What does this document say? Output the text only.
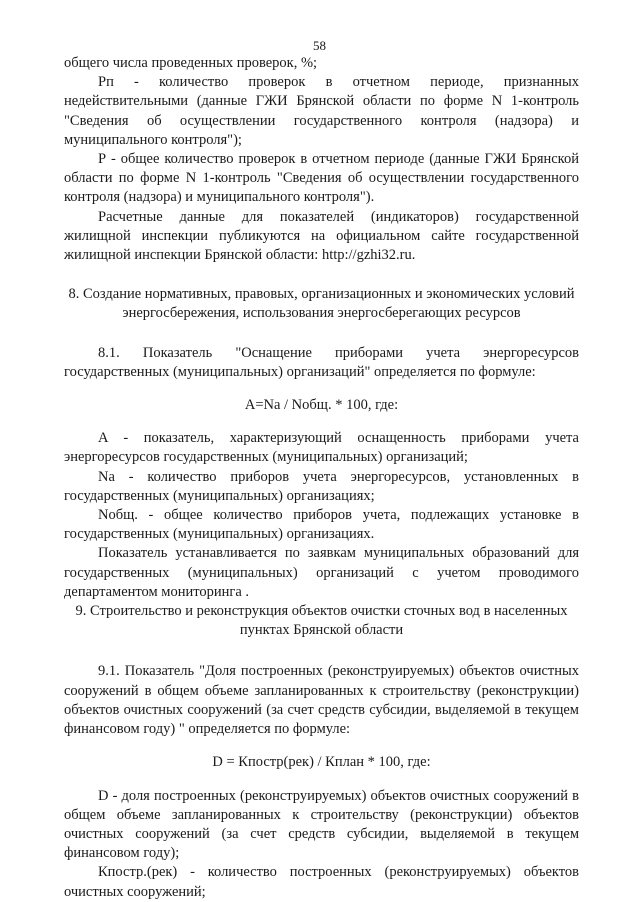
58

общего числа проведенных проверок, %;

Рп - количество проверок в отчетном периоде, признанных недействительными (данные ГЖИ Брянской области по форме N 1-контроль "Сведения об осуществлении государственного контроля (надзора) и муниципального контроля");

Р - общее количество проверок в отчетном периоде (данные ГЖИ Брянской области по форме N 1-контроль "Сведения об осуществлении государственного контроля (надзора) и муниципального контроля").

Расчетные данные для показателей (индикаторов) государственной жилищной инспекции публикуются на официальном сайте государственной жилищной инспекции Брянской области: http://gzhi32.ru.

8. Создание нормативных, правовых, организационных и экономических условий энергосбережения, использования энергосберегающих ресурсов

8.1. Показатель "Оснащение приборами учета энергоресурсов государственных (муниципальных) организаций" определяется по формуле:

A=Na / Nобщ. * 100, где:

A - показатель, характеризующий оснащенность приборами учета энергоресурсов государственных (муниципальных) организаций;

Na - количество приборов учета энергоресурсов, установленных в государственных (муниципальных) организациях;

Nобщ. - общее количество приборов учета, подлежащих установке в государственных (муниципальных) организациях.

Показатель устанавливается по заявкам муниципальных образований для государственных (муниципальных) организаций с учетом проводимого департаментом мониторинга .

9. Строительство и реконструкция объектов очистки сточных вод в населенных пунктах Брянской области

9.1. Показатель "Доля построенных (реконструируемых) объектов очистных сооружений в общем объеме запланированных к строительству (реконструкции) объектов очистных сооружений (за счет средств субсидии, выделяемой в текущем финансовом году) " определяется по формуле:

D = Кпостр(рек) / Кплан * 100, где:

D - доля построенных (реконструируемых) объектов очистных сооружений в общем объеме запланированных к строительству (реконструкции) объектов очистных сооружений (за счет средств субсидии, выделяемой в текущем финансовом году);

Кпостр.(рек) - количество построенных (реконструируемых) объектов очистных сооружений;
